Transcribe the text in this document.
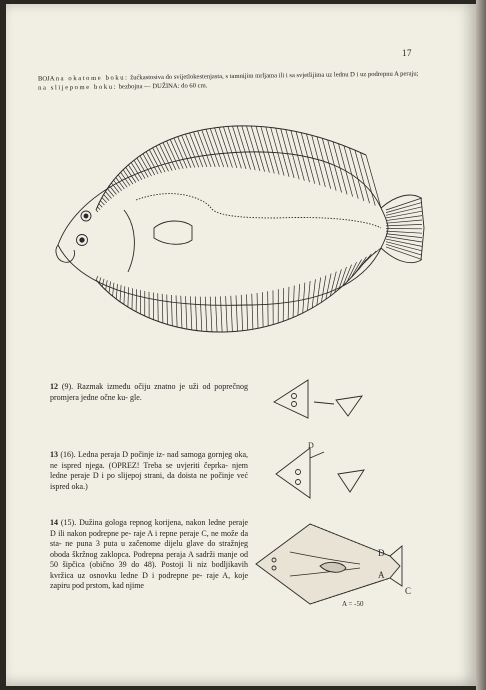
17
BOJA na okatome boku: žućkastosiva do svijetlokestenjasta, s tamnijim mrljama ili i sa svjetlijima uz lednu D i uz podrepnu A peraju; na slijepome boku: bezbojna — DUŽINA: do 60 cm.
12 (9). Razmak između očiju znatno je uži od poprečnog promjera jedne očne ku- gle.
13 (16). Ledna peraja D počinje iz- nad samoga gornjeg oka, ne ispred njega. (OPREZ! Treba se uvjeriti čeprka- njem ledne peraje D i po slijepoj strani, da doista ne počinje već ispred oka.)
D
14 (15). Dužina gologa repnog korijena, nakon ledne peraje D ili nakon podrepne pe- raje A i repne peraje C, ne može da sta- ne puna 3 puta u začenome dijelu glave do stražnjeg oboda škržnog zaklopca. Podrepna peraja A sadrži manje od 50 šipčica (obično 39 do 48). Postoji li niz bodljikavih kvržica uz osnovku ledne D i podrepne pe- raje A, koje zapiru pod prstom, kad njime
D
A
C
A = -50
